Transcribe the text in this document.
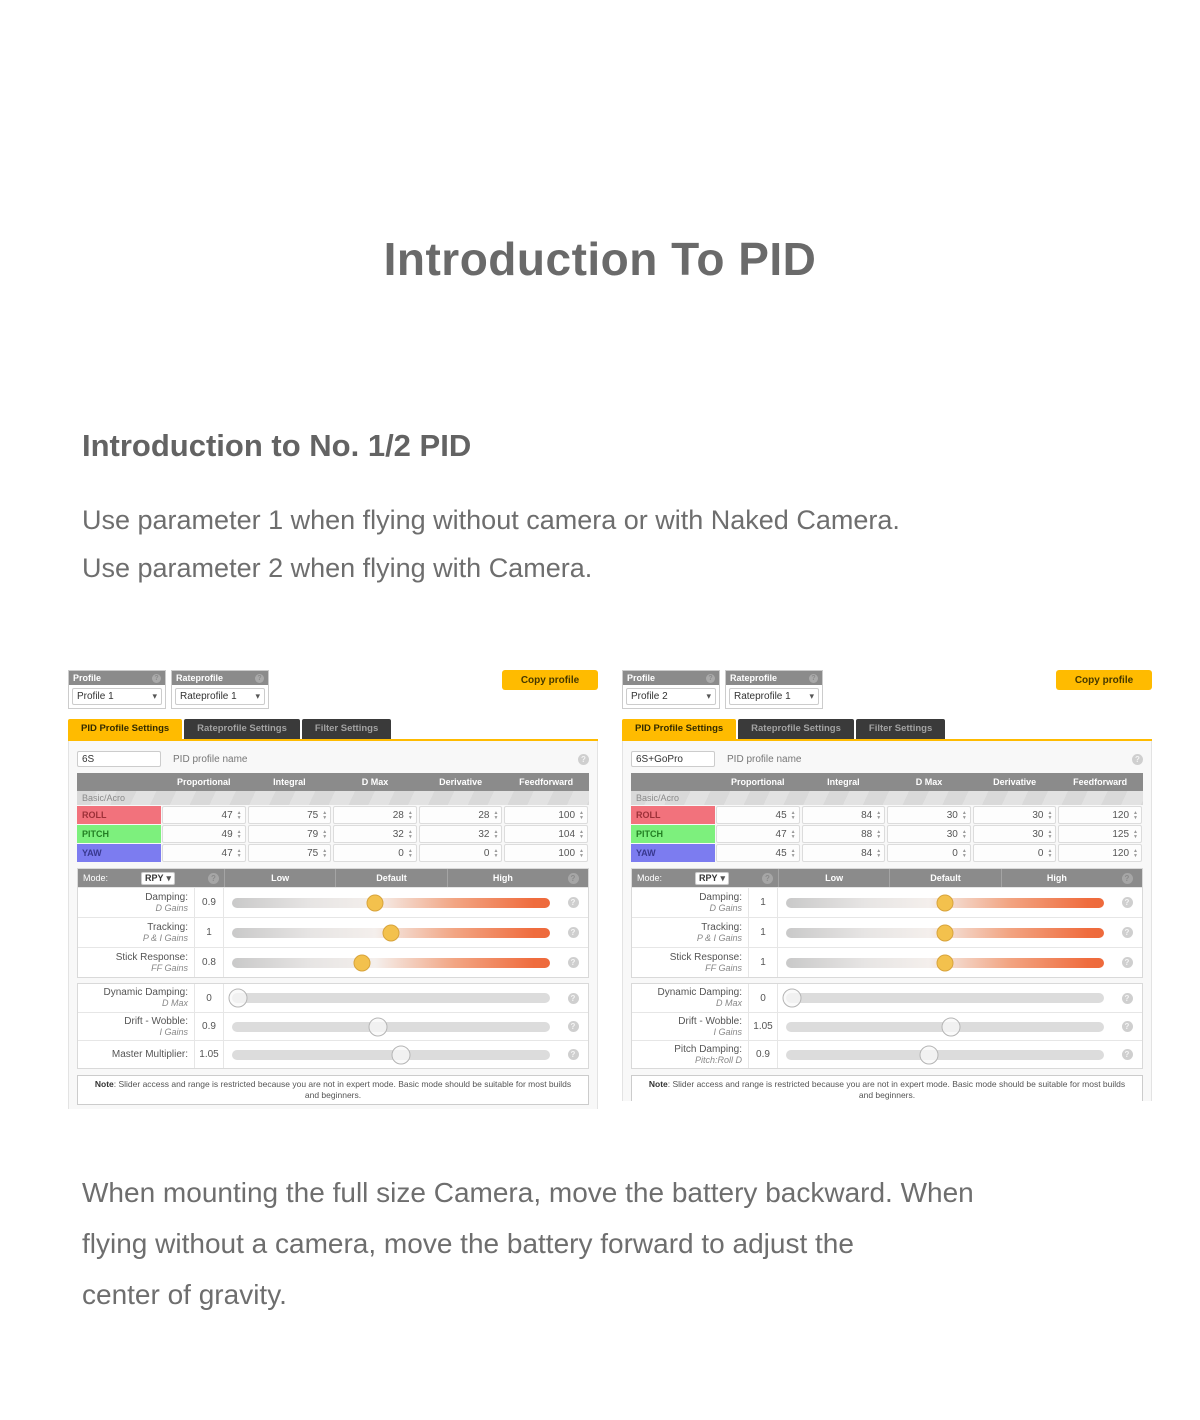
Introduction To PID
Introduction to No. 1/2 PID

Use parameter 1 when flying without camera or with Naked Camera.
Use parameter 2 when flying with Camera.

Profile
?
Profile 1
▾
Rateprofile
?
Rateprofile 1
▾
Copy profile
PID Profile Settings	Rateprofile Settings	Filter Settings
6S
PID profile name
?
Proportional	Integral	D Max	Derivative	Feedforward
Basic/Acro
ROLL	47 ▲ ▼	75 ▲ ▼	28 ▲ ▼	28 ▲ ▼	100
▲ ▼
PITCH	49 ▲ ▼	79 ▲ ▼	32 ▲ ▼	32 ▲ ▼	104
▲ ▼
YAW	47 ▲ ▼	75 ▲ ▼	0 ▲ ▼	0 ▲ ▼	100
▲ ▼
Mode:	RPY ▾ ?	Low	Default	High
?
Damping:
D Gains	0.9
?
Tracking:
P & I Gains	1
?
Stick Response:
FF Gains	0.8
?
Dynamic Damping:
D Max	0
?
Drift - Wobble:
I Gains	0.9
?
Master Multiplier:	1.05
?
Note: Slider access and range is restricted because you are not in expert mode. Basic mode should be suitable for most builds and beginners.
Profile
?
Profile 2
▾
Rateprofile
?
Rateprofile 1
▾
Copy profile
PID Profile Settings	Rateprofile Settings	Filter Settings
6S+GoPro
PID profile name
?
Proportional	Integral	D Max	Derivative	Feedforward
Basic/Acro
ROLL	45 ▲ ▼	84 ▲ ▼	30 ▲ ▼	30 ▲ ▼	120
▲ ▼
PITCH	47 ▲ ▼	88 ▲ ▼	30 ▲ ▼	30 ▲ ▼	125
▲ ▼
YAW	45 ▲ ▼	84 ▲ ▼	0 ▲ ▼	0 ▲ ▼	120
▲ ▼
Mode:	RPY ▾ ?	Low	Default	High
?
Damping:
D Gains	1
?
Tracking:
P & I Gains	1
?
Stick Response:
FF Gains	1
?
Dynamic Damping:
D Max	0
?
Drift - Wobble:
I Gains	1.05
?
Pitch Damping:
Pitch:Roll D	0.9
?
Note: Slider access and range is restricted because you are not in expert mode. Basic mode should be suitable for most builds and beginners.

When mounting the full size Camera, move the battery backward. When
flying without a camera, move the battery forward to adjust the
center of gravity.
